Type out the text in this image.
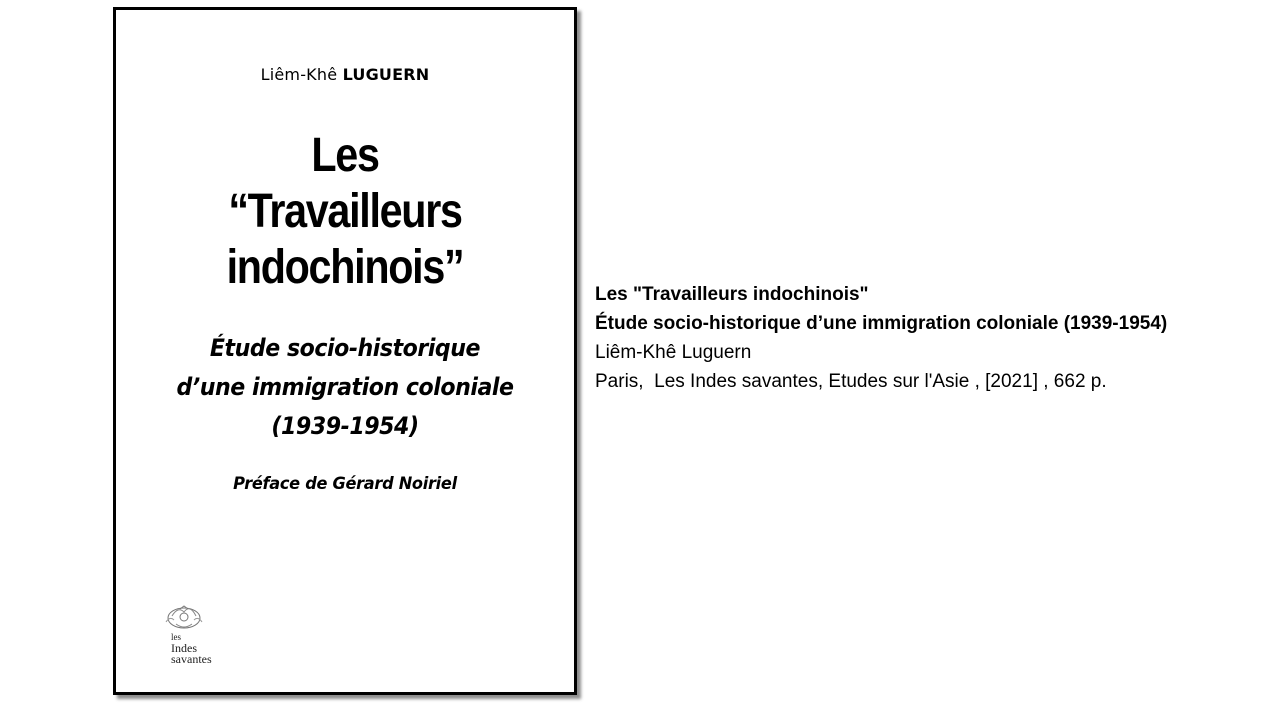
Liêm-Khê LUGUERN
Les
“Travailleurs
indochinois”
Étude socio-historique
d’une immigration coloniale
(1939-1954)
Préface de Gérard Noiriel
les
Indes
savantes
Les "Travailleurs indochinois"
Étude socio-historique d’une immigration coloniale (1939-1954)
Liêm-Khê Luguern
Paris,  Les Indes savantes, Etudes sur l'Asie , [2021] , 662 p.
